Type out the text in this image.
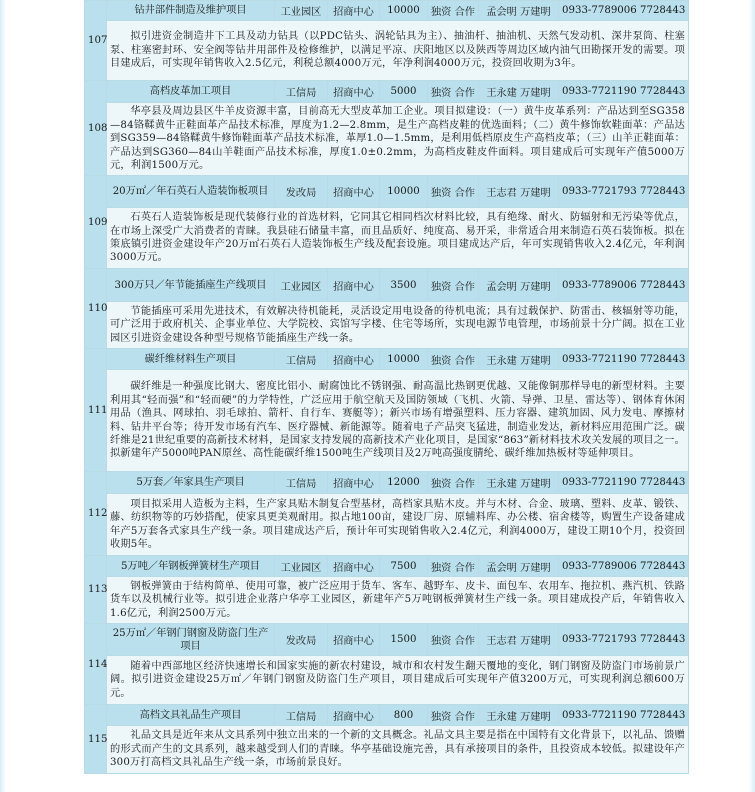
107	钻井部件制造及维护项目	工业园区	招商中心	10000	独资 合作	孟会明 万建明	0933-7789006 7728443
	拟引进资金制造井下工具及动力钻具（以PDC钻头、涡轮钻具为主）、抽油杆、抽油机、天然气发动机、深井泵筒、柱塞泵、柱塞密封环、安全阀等钻井用部件及检修维护，以满足平凉、庆阳地区以及陕西等周边区域内油气田勘探开发的需要。项目建成后，可实现年销售收入2.5亿元，利税总额4000万元，年净利润4000万元，投资回收期为3年。						
108	高档皮革加工项目	工信局	招商中心	5000	独资 合作	王永建 万建明	0933-7721190 7728443
	华亭县及周边县区牛羊皮资源丰富，目前高无大型皮革加工企业。项目拟建设：（一）黄牛皮革系列：产品达到至SG358—84铬鞣黄牛正鞋面革产品技术标准，厚度为1.2—2.8mm，是生产高档皮鞋的优选面料；（二）黄牛修饰软鞋面革：产品达到SG359—84铬鞣黄牛修饰鞋面革产品技术标准，革厚1.0—1.5mm，是利用低档原皮生产高档皮革；（三）山羊正鞋面革：产品达到SG360—84山羊鞋面产品技术标准，厚度1.0±0.2mm，为高档皮鞋皮件面料。项目建成后可实现年产值5000万元，利润1500万元。						
109	20万㎡／年石英石人造装饰板项目	发改局	招商中心	10000	独资 合作	王志君 万建明	0933-7721793 7728443
	石英石人造装饰板是现代装修行业的首选材料，它同其它相同档次材料比较，具有绝缘、耐火、防辐射和无污染等优点，在市场上深受广大消费者的青睐。我县硅石储量丰富，而且品质好、纯度高、易开采，非常适合用来制造石英石装饰板。拟在策底镇引进资金建设年产20万㎡石英石人造装饰板生产线及配套设施。项目建成达产后，年可实现销售收入2.4亿元，年利润3000万元。						
110	300万只／年节能插座生产线项目	工业园区	招商中心	3500	独资 合作	孟会明 万建明	0933-7789006 7728443
	节能插座可采用先进技术，有效解决待机能耗，灵活设定用电设备的待机电流；具有过载保护、防雷击、核辐射等功能，可广泛用于政府机关、企事业单位、大学院校、宾馆写字楼、住宅等场所，实现电源节电管理，市场前景十分广阔。拟在工业园区引进资金建设各种型号规格节能插座生产线一条。						
111	碳纤维材料生产项目	工信局	招商中心	10000	独资 合作	王永建 万建明	0933-7721190 7728443
	碳纤维是一种强度比钢大、密度比铝小、耐腐蚀比不锈钢强、耐高温比热钢更优越、又能像铜那样导电的新型材料。主要利用其“轻而强”和“轻而硬”的力学特性，广泛应用于航空航天及国防领域（飞机、火箭、导弹、卫星、雷达等）、钢体育休闲用品（渔具、网球拍、羽毛球拍、箭杆、自行车、赛艇等）；新兴市场有增强塑料、压力容器、建筑加固、风力发电、摩擦材料、钻井平台等；待开发市场有汽车、医疗器械、新能源等。随着电子产品突飞猛进，制造业发达，新材料应用范围广泛。碳纤维是21世纪重要的高新技术材料，是国家支持发展的高新技术产业化项目，是国家“863”新材料技术攻关发展的项目之一。拟新建年产5000吨PAN原丝、高性能碳纤维1500吨生产线项目及2万吨高强度腈纶、碳纤维加热板材等延伸项目。						
112	5万套／年家具生产项目	工信局	招商中心	12000	独资 合作	王永建 万建明	0933-7721190 7728443
	项目拟采用人造板为主料，生产家具贴木制复合型基材，高档家具贴木皮。并与木材、合金、玻璃、塑料、皮革、锻铁、藤、纺织物等的巧妙搭配，使家具更美观耐用。拟占地100亩，建设厂房、原辅料库、办公楼、宿舍楼等，购置生产设备建成年产5万套各式家具生产线一条。项目建成达产后，预计年可实现销售收入2.4亿元，利润4000万，建设工期10个月，投资回收期5年。						
113	5万吨／年钢板弹簧材生产项目	工业园区	招商中心	7500	独资 合作	孟会明 万建明	0933-7789006 7728443
	钢板弹簧由于结构简单、使用可靠，被广泛应用于货车、客车、越野车、皮卡、面包车、农用车、拖拉机、燕汽机、铁路货车以及机械行业等。拟引进企业落户华亭工业园区，新建年产5万吨钢板弹簧材生产线一条。项目建成投产后，年销售收入1.6亿元，利润2500万元。						
114	25万㎡／年钢门钢窗及防盗门生产项目	发改局	招商中心	1500	独资 合作	王志君 万建明	0933-7721793 7728443
	随着中西部地区经济快速增长和国家实施的新农村建设，城市和农村发生翻天覆地的变化，钢门钢窗及防盗门市场前景广阔。拟引进资金建设25万㎡／年钢门钢窗及防盗门生产项目，项目建成后可实现年产值3200万元，可实现利润总额600万元。						
115	高档文具礼品生产项目	工信局	招商中心	800	独资 合作	王永建 万建明	0933-7721190 7728443
	礼品文具是近年来从文具系列中独立出来的一个新的文具概念。礼品文具主要是指在中国特有文化背景下，以礼品、馈赠的形式而产生的文具系列，越来越受到人们的青睐。华亭基础设施完善，具有承接项目的条件，且投资成本较低。拟建设年产300万打高档文具礼品生产线一条，市场前景良好。						
